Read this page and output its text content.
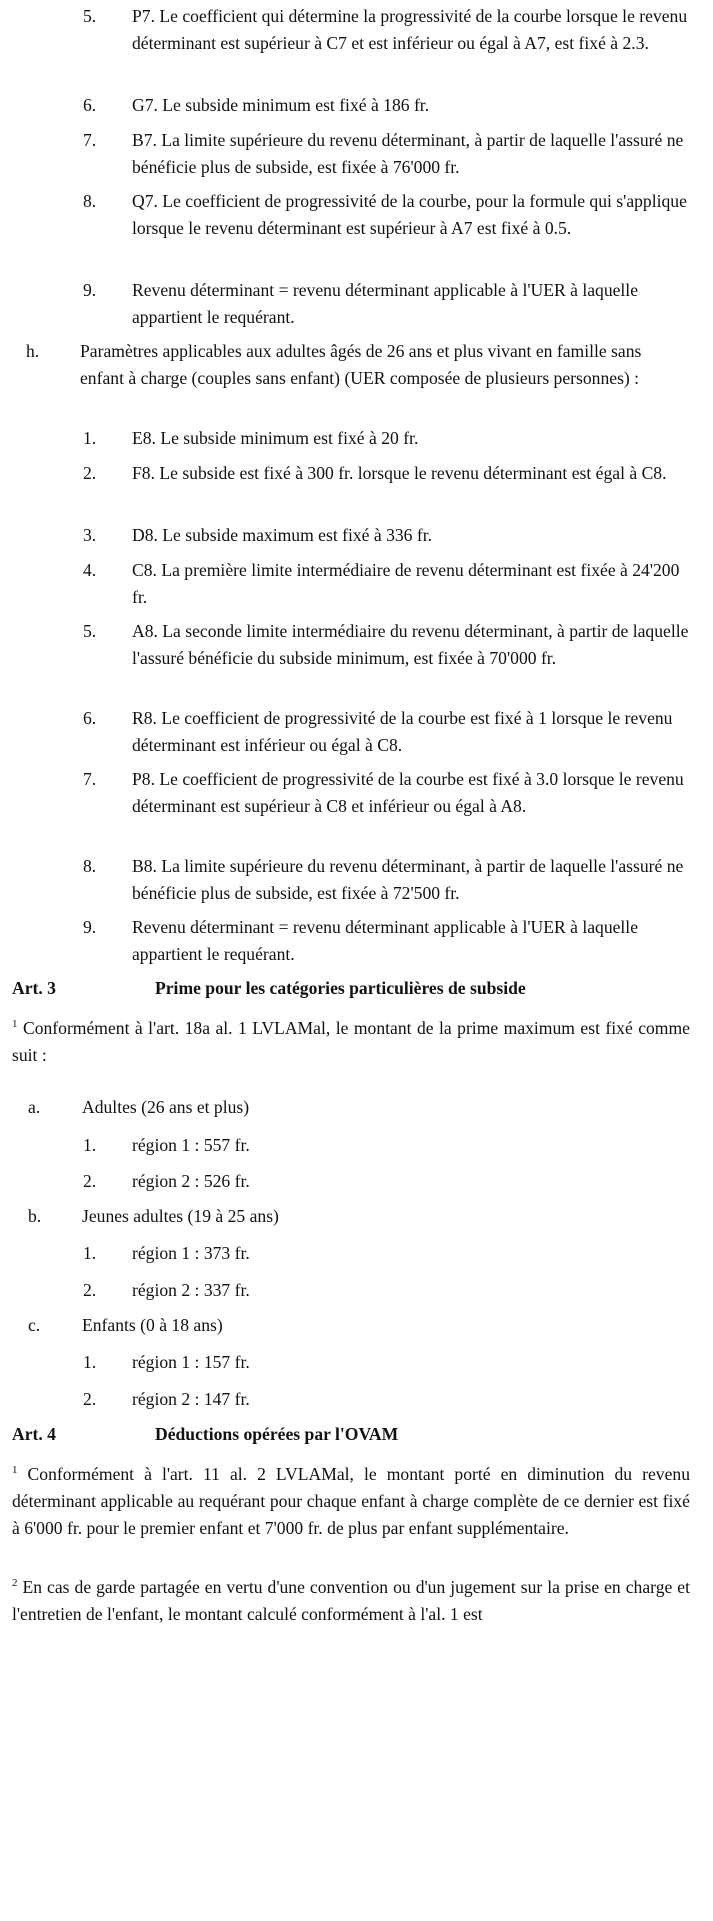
5. P7. Le coefficient qui détermine la progressivité de la courbe lorsque le revenu déterminant est supérieur à C7 et est inférieur ou égal à A7, est fixé à 2.3.
6. G7. Le subside minimum est fixé à 186 fr.
7. B7. La limite supérieure du revenu déterminant, à partir de laquelle l'assuré ne bénéficie plus de subside, est fixée à 76'000 fr.
8. Q7. Le coefficient de progressivité de la courbe, pour la formule qui s'applique lorsque le revenu déterminant est supérieur à A7 est fixé à 0.5.
9. Revenu déterminant = revenu déterminant applicable à l'UER à laquelle appartient le requérant.
h. Paramètres applicables aux adultes âgés de 26 ans et plus vivant en famille sans enfant à charge (couples sans enfant) (UER composée de plusieurs personnes) :
1. E8. Le subside minimum est fixé à 20 fr.
2. F8. Le subside est fixé à 300 fr. lorsque le revenu déterminant est égal à C8.
3. D8. Le subside maximum est fixé à 336 fr.
4. C8. La première limite intermédiaire de revenu déterminant est fixée à 24'200 fr.
5. A8. La seconde limite intermédiaire du revenu déterminant, à partir de laquelle l'assuré bénéficie du subside minimum, est fixée à 70'000 fr.
6. R8. Le coefficient de progressivité de la courbe est fixé à 1 lorsque le revenu déterminant est inférieur ou égal à C8.
7. P8. Le coefficient de progressivité de la courbe est fixé à 3.0 lorsque le revenu déterminant est supérieur à C8 et inférieur ou égal à A8.
8. B8. La limite supérieure du revenu déterminant, à partir de laquelle l'assuré ne bénéficie plus de subside, est fixée à 72'500 fr.
9. Revenu déterminant = revenu déterminant applicable à l'UER à laquelle appartient le requérant.
Art. 3	Prime pour les catégories particulières de subside
$^1$ Conformément à l'art. 18a al. 1 LVLAMal, le montant de la prime maximum est fixé comme suit :
a. Adultes (26 ans et plus)
1. région 1 : 557 fr.
2. région 2 : 526 fr.
b. Jeunes adultes (19 à 25 ans)
1. région 1 : 373 fr.
2. région 2 : 337 fr.
c. Enfants (0 à 18 ans)
1. région 1 : 157 fr.
2. région 2 : 147 fr.
Art. 4	Déductions opérées par l'OVAM
$^1$ Conformément à l'art. 11 al. 2 LVLAMal, le montant porté en diminution du revenu déterminant applicable au requérant pour chaque enfant à charge complète de ce dernier est fixé à 6'000 fr. pour le premier enfant et 7'000 fr. de plus par enfant supplémentaire.
$^2$ En cas de garde partagée en vertu d'une convention ou d'un jugement sur la prise en charge et l'entretien de l'enfant, le montant calculé conformément à l'al. 1 est
